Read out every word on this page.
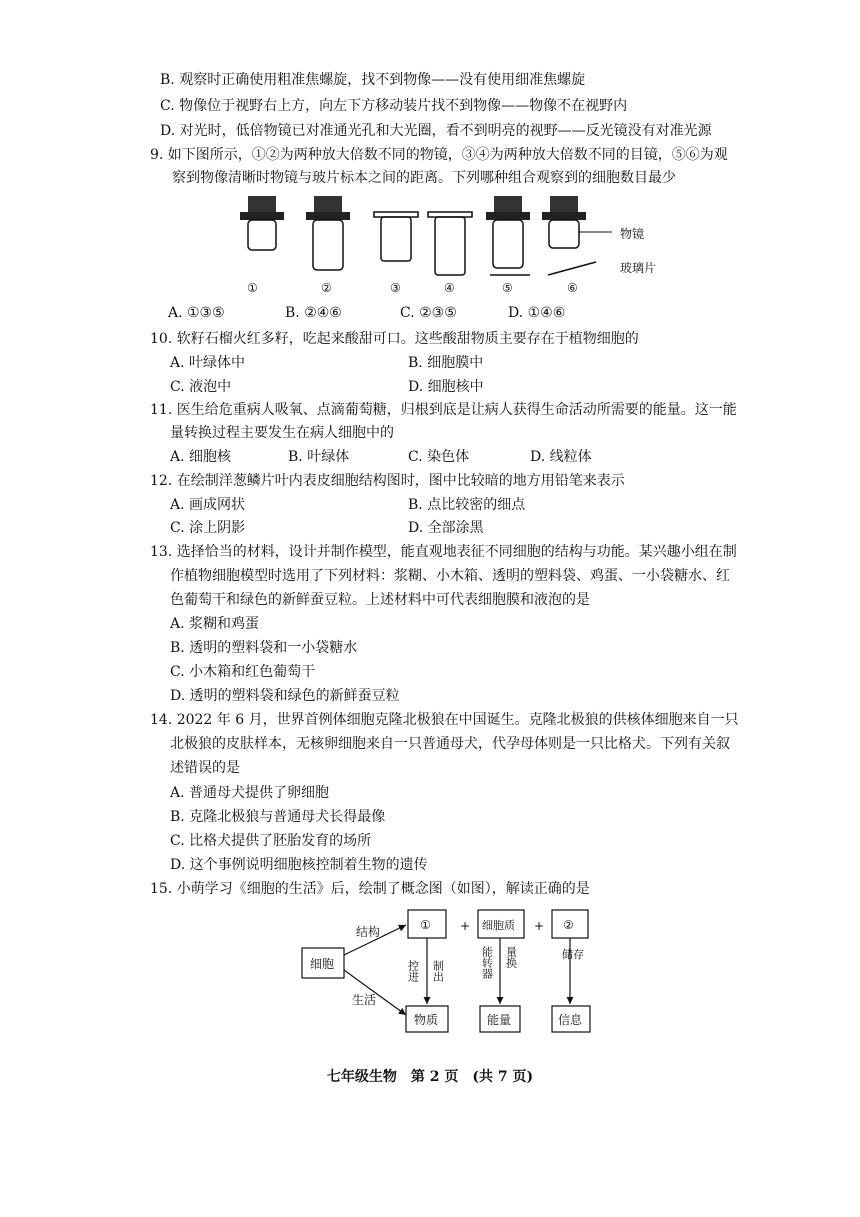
B. 观察时正确使用粗准焦螺旋，找不到物像——没有使用细准焦螺旋
C. 物像位于视野右上方，向左下方移动装片找不到物像——物像不在视野内
D. 对光时，低倍物镜已对准通光孔和大光圈，看不到明亮的视野——反光镜没有对准光源
9. 如下图所示，①②为两种放大倍数不同的物镜，③④为两种放大倍数不同的目镜，⑤⑥为观
察到物像清晰时物镜与玻片标本之间的距离。下列哪种组合观察到的细胞数目最少
物镜
玻璃片
①	②	③	④	⑤	⑥
A. ①③⑤	B. ②④⑥	C. ②③⑤	D. ①④⑥
10. 软籽石榴火红多籽，吃起来酸甜可口。这些酸甜物质主要存在于植物细胞的
A. 叶绿体中	B. 细胞膜中
C. 液泡中	D. 细胞核中
11. 医生给危重病人吸氧、点滴葡萄糖，归根到底是让病人获得生命活动所需要的能量。这一能
量转换过程主要发生在病人细胞中的
A. 细胞核	B. 叶绿体	C. 染色体	D. 线粒体
12. 在绘制洋葱鳞片叶内表皮细胞结构图时，图中比较暗的地方用铅笔来表示
A. 画成网状	B. 点比较密的细点
C. 涂上阴影	D. 全部涂黑
13. 选择恰当的材料，设计并制作模型，能直观地表征不同细胞的结构与功能。某兴趣小组在制
作植物细胞模型时选用了下列材料：浆糊、小木箱、透明的塑料袋、鸡蛋、一小袋糖水、红
色葡萄干和绿色的新鲜蚕豆粒。上述材料中可代表细胞膜和液泡的是
A. 浆糊和鸡蛋
B. 透明的塑料袋和一小袋糖水
C. 小木箱和红色葡萄干
D. 透明的塑料袋和绿色的新鲜蚕豆粒
14. 2022 年 6 月，世界首例体细胞克隆北极狼在中国诞生。克隆北极狼的供核体细胞来自一只
北极狼的皮肤样本，无核卵细胞来自一只普通母犬，代孕母体则是一只比格犬。下列有关叙
述错误的是
A. 普通母犬提供了卵细胞
B. 克隆北极狼与普通母犬长得最像
C. 比格犬提供了胚胎发育的场所
D. 这个事例说明细胞核控制着生物的遗传
15. 小萌学习《细胞的生活》后，绘制了概念图（如图），解读正确的是
细胞
结构
生活
① + 细胞质 + ②
控进 制出	能转器 量换	储存
物质	能量	信息
七年级生物　第 2 页　(共 7 页)
